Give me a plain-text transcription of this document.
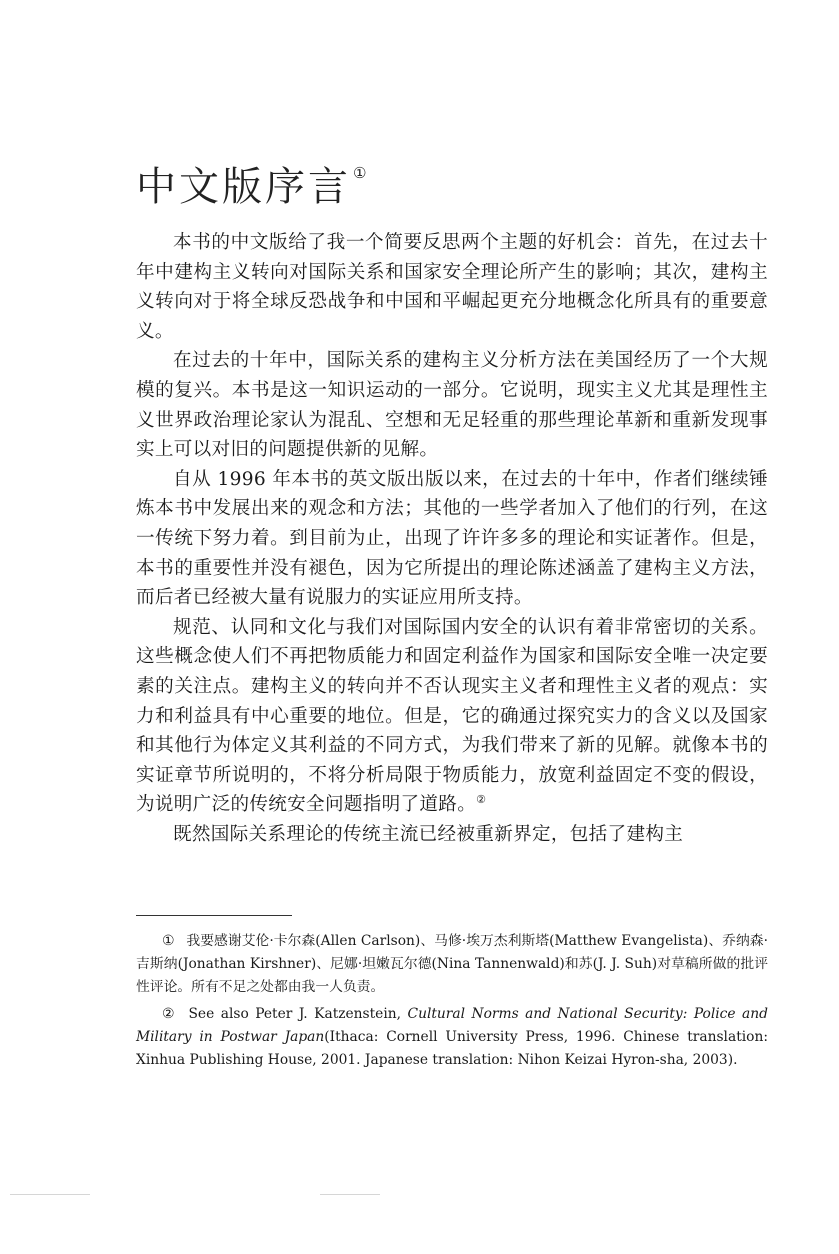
中文版序言 ①

本书的中文版给了我一个简要反思两个主题的好机会：首先，在过去十年中建构主义转向对国际关系和国家安全理论所产生的影响；其次，建构主义转向对于将全球反恐战争和中国和平崛起更充分地概念化所具有的重要意义。

在过去的十年中，国际关系的建构主义分析方法在美国经历了一个大规模的复兴。本书是这一知识运动的一部分。它说明，现实主义尤其是理性主义世界政治理论家认为混乱、空想和无足轻重的那些理论革新和重新发现事实上可以对旧的问题提供新的见解。

自从 1996 年本书的英文版出版以来，在过去的十年中，作者们继续锤炼本书中发展出来的观念和方法；其他的一些学者加入了他们的行列，在这一传统下努力着。到目前为止，出现了许许多多的理论和实证著作。但是，本书的重要性并没有褪色，因为它所提出的理论陈述涵盖了建构主义方法，而后者已经被大量有说服力的实证应用所支持。

规范、认同和文化与我们对国际国内安全的认识有着非常密切的关系。这些概念使人们不再把物质能力和固定利益作为国家和国际安全唯一决定要素的关注点。建构主义的转向并不否认现实主义者和理性主义者的观点：实力和利益具有中心重要的地位。但是，它的确通过探究实力的含义以及国家和其他行为体定义其利益的不同方式，为我们带来了新的见解。就像本书的实证章节所说明的，不将分析局限于物质能力，放宽利益固定不变的假设，为说明广泛的传统安全问题指明了道路。②

既然国际关系理论的传统主流已经被重新界定，包括了建构主

① 我要感谢艾伦·卡尔森(Allen Carlson)、马修·埃万杰利斯塔(Matthew Evangelista)、乔纳森·吉斯纳(Jonathan Kirshner)、尼娜·坦嫩瓦尔德(Nina Tannenwald)和苏(J. J. Suh)对草稿所做的批评性评论。所有不足之处都由我一人负责。

② See also Peter J. Katzenstein, Cultural Norms and National Security: Police and Military in Postwar Japan(Ithaca: Cornell University Press, 1996. Chinese translation: Xinhua Publishing House, 2001. Japanese translation: Nihon Keizai Hyron-sha, 2003).
